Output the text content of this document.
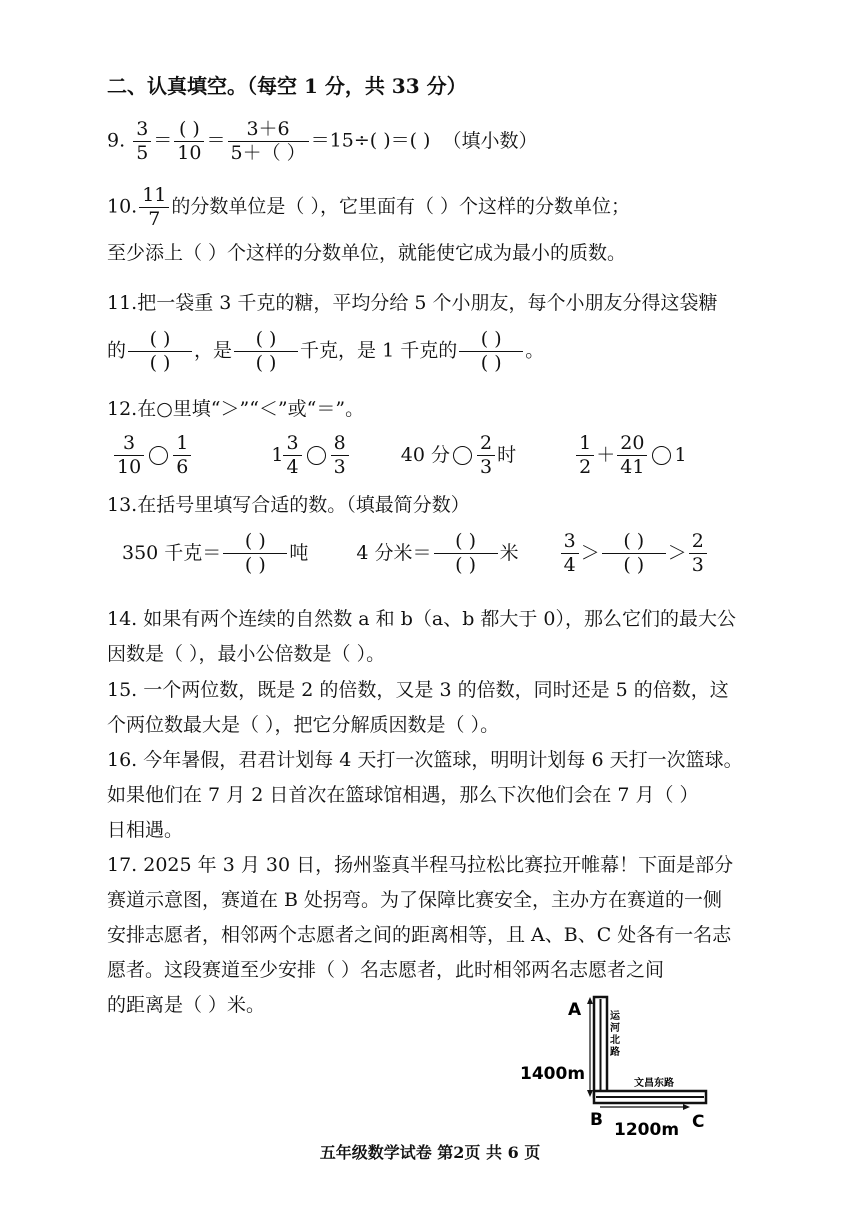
二、认真填空。（每空 1 分，共 33 分）
9. $\frac{3}{5} = \frac{( )}{10} = \frac{3+6}{5+( )} =15\div$( )＝( ) （填小数）
10. $\frac{11}{7}$ 的分数单位是（ ），它里面有（ ）个这样的分数单位；
至少添上（ ）个这样的分数单位，就能使它成为最小的质数。
11.把一袋重 3 千克的糖，平均分给 5 个小朋友，每个小朋友分得这袋糖
的 $\frac{( )}{( )}$ ，是 $\frac{( )}{( )}$ 千克，是 1 千克的 $\frac{( )}{( )}$ 。
12.在○里填“＞”“＜”或“＝”。
$\frac{3}{10} \frac{1}{6}$	$1 \frac{3}{4} \frac{8}{3}$	40 分 $\frac{2}{3}$ 时	$\frac{1}{2} + \frac{20}{41} 1$
13.在括号里填写合适的数。（填最简分数）
350 千克＝ $\frac{( )}{( )}$ 吨	4 分米＝ $\frac{( )}{( )}$ 米 $\frac{3}{4} > \frac{( )}{( )} > \frac{2}{3}$
14. 如果有两个连续的自然数 a 和 b（a、b 都大于 0），那么它们的最大公
因数是（ ），最小公倍数是（ ）。
15. 一个两位数，既是 2 的倍数，又是 3 的倍数，同时还是 5 的倍数，这
个两位数最大是（ ），把它分解质因数是（ ）。
16. 今年暑假，君君计划每 4 天打一次篮球，明明计划每 6 天打一次篮球。
如果他们在 7 月 2 日首次在篮球馆相遇，那么下次他们会在 7 月（ ）
日相遇。
17. 2025 年 3 月 30 日，扬州鉴真半程马拉松比赛拉开帷幕！下面是部分
赛道示意图，赛道在 B 处拐弯。为了保障比赛安全，主办方在赛道的一侧
安排志愿者，相邻两个志愿者之间的距离相等，且 A、B、C 处各有一名志
愿者。这段赛道至少安排（ ）名志愿者，此时相邻两名志愿者之间
的距离是（ ）米。	A
B	C
运
河
北
路
文昌东路
1400m
1200m
五年级数学试卷 第2页 共 6 页
